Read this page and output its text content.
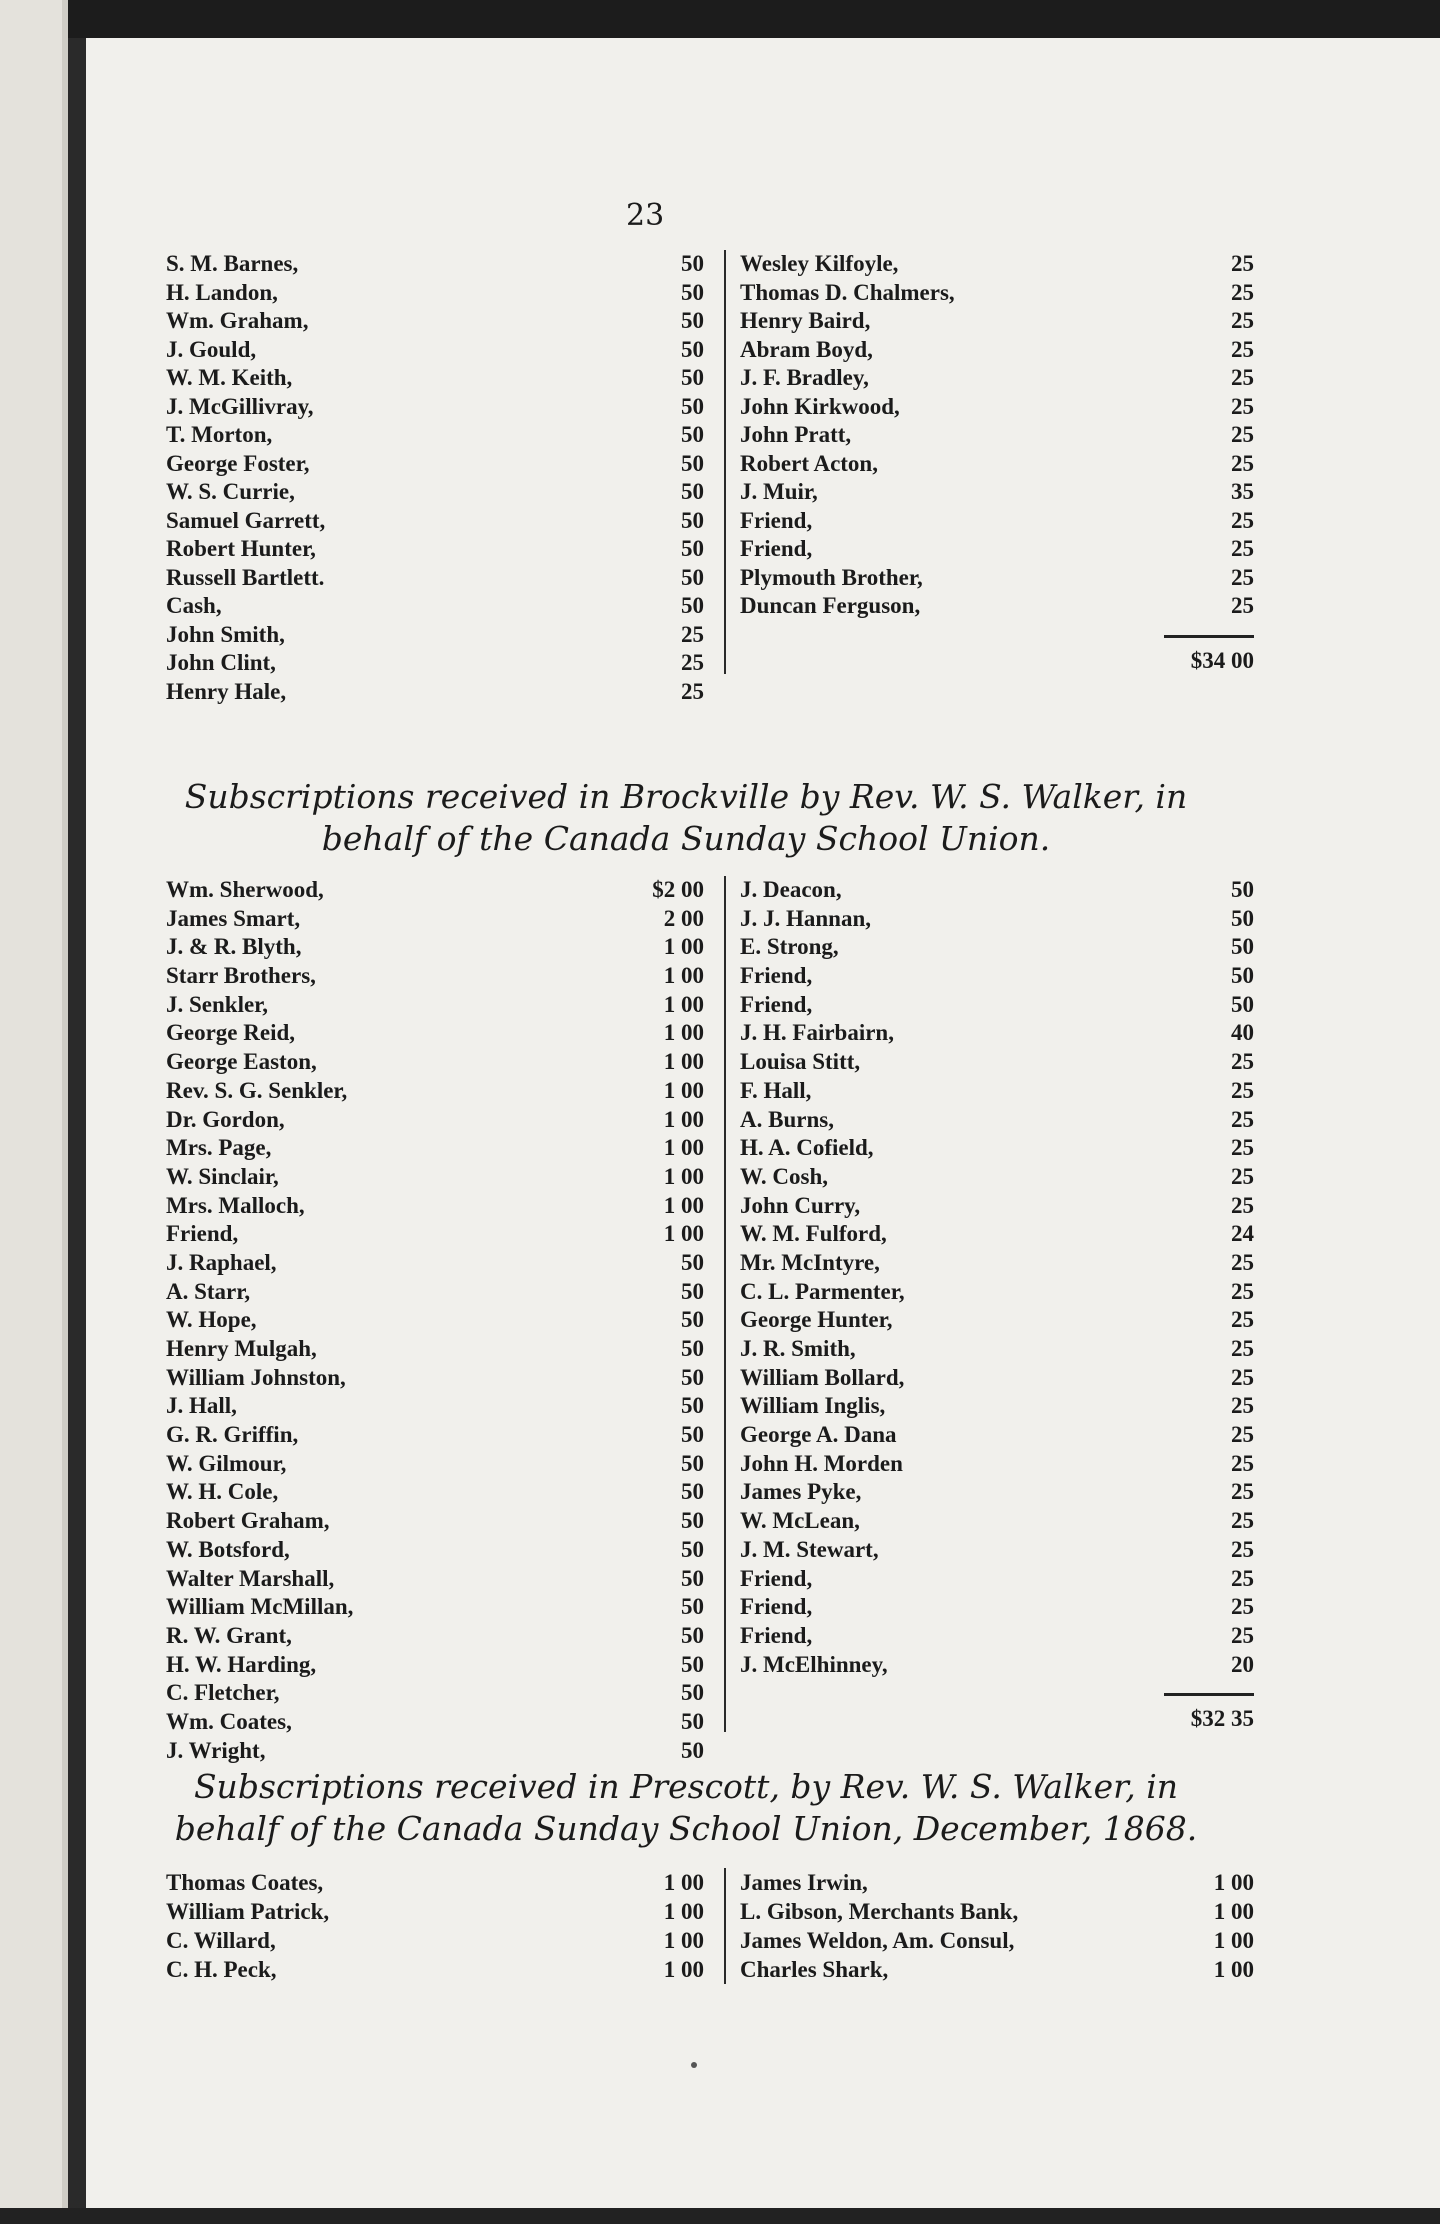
23
S. M. Barnes,	50
H. Landon,	50
Wm. Graham,	50
J. Gould,	50
W. M. Keith,	50
J. McGillivray,	50
T. Morton,	50
George Foster,	50
W. S. Currie,	50
Samuel Garrett,	50
Robert Hunter,	50
Russell Bartlett.	50
Cash,	50
John Smith,	25
John Clint,	25
Henry Hale,	25
Wesley Kilfoyle,	25
Thomas D. Chalmers,	25
Henry Baird,	25
Abram Boyd,	25
J. F. Bradley,	25
John Kirkwood,	25
John Pratt,	25
Robert Acton,	25
J. Muir,	35
Friend,	25
Friend,	25
Plymouth Brother,	25
Duncan Ferguson,	25
$34 00
Subscriptions received in Brockville by Rev. W. S. Walker, in behalf of the Canada Sunday School Union.
Wm. Sherwood,	$2 00
James Smart,	2 00
J. & R. Blyth,	1 00
Starr Brothers,	1 00
J. Senkler,	1 00
George Reid,	1 00
George Easton,	1 00
Rev. S. G. Senkler,	1 00
Dr. Gordon,	1 00
Mrs. Page,	1 00
W. Sinclair,	1 00
Mrs. Malloch,	1 00
Friend,	1 00
J. Raphael,	50
A. Starr,	50
W. Hope,	50
Henry Mulgah,	50
William Johnston,	50
J. Hall,	50
G. R. Griffin,	50
W. Gilmour,	50
W. H. Cole,	50
Robert Graham,	50
W. Botsford,	50
Walter Marshall,	50
William McMillan,	50
R. W. Grant,	50
H. W. Harding,	50
C. Fletcher,	50
Wm. Coates,	50
J. Wright,	50
J. Deacon,	50
J. J. Hannan,	50
E. Strong,	50
Friend,	50
Friend,	50
J. H. Fairbairn,	40
Louisa Stitt,	25
F. Hall,	25
A. Burns,	25
H. A. Cofield,	25
W. Cosh,	25
John Curry,	25
W. M. Fulford,	24
Mr. McIntyre,	25
C. L. Parmenter,	25
George Hunter,	25
J. R. Smith,	25
William Bollard,	25
William Inglis,	25
George A. Dana	25
John H. Morden	25
James Pyke,	25
W. McLean,	25
J. M. Stewart,	25
Friend,	25
Friend,	25
Friend,	25
J. McElhinney,	20
$32 35
Subscriptions received in Prescott, by Rev. W. S. Walker, in behalf of the Canada Sunday School Union, December, 1868.
Thomas Coates,	1 00
William Patrick,	1 00
C. Willard,	1 00
C. H. Peck,	1 00
James Irwin,	1 00
L. Gibson, Merchants Bank,	1 00
James Weldon, Am. Consul,	1 00
Charles Shark,	1 00
